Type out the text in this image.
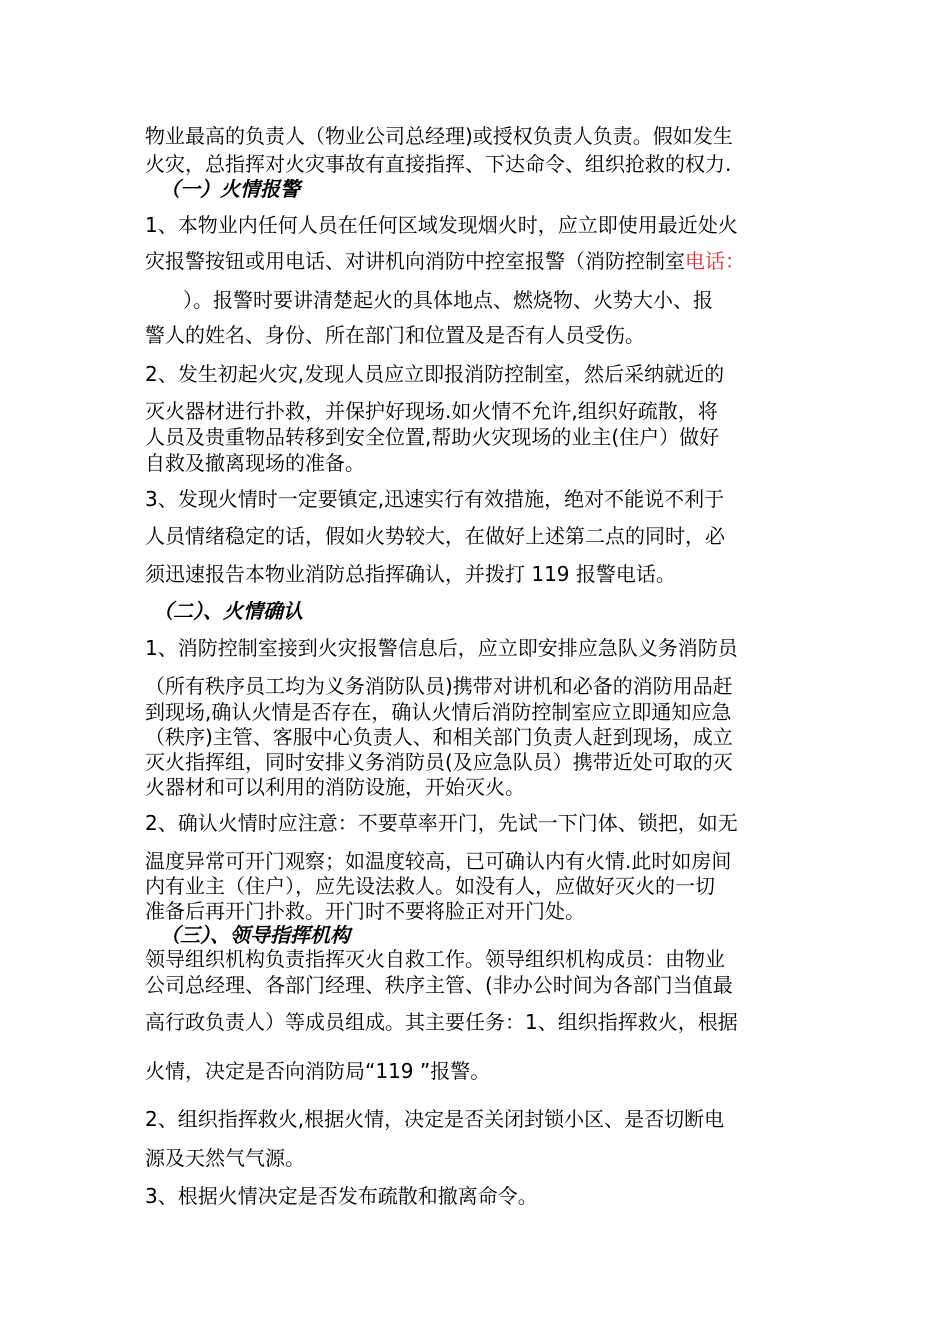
物业最高的负责人（物业公司总经理)或授权负责人负责。假如发生
火灾，总指挥对火灾事故有直接指挥、下达命令、组织抢救的权力.
（一）火情报警
1、本物业内任何人员在任何区域发现烟火时，应立即使用最近处火
灾报警按钮或用电话、对讲机向消防中控室报警（消防控制室电话：
）。报警时要讲清楚起火的具体地点、燃烧物、火势大小、报
警人的姓名、身份、所在部门和位置及是否有人员受伤。
2、发生初起火灾,发现人员应立即报消防控制室，然后采纳就近的
灭火器材进行扑救，并保护好现场.如火情不允许,组织好疏散，将
人员及贵重物品转移到安全位置,帮助火灾现场的业主(住户）做好
自救及撤离现场的准备。
3、发现火情时一定要镇定,迅速实行有效措施，绝对不能说不利于
人员情绪稳定的话，假如火势较大，在做好上述第二点的同时，必
须迅速报告本物业消防总指挥确认，并拨打 119 报警电话。
（二）、火情确认
1、消防控制室接到火灾报警信息后，应立即安排应急队义务消防员
（所有秩序员工均为义务消防队员)携带对讲机和必备的消防用品赶
到现场,确认火情是否存在，确认火情后消防控制室应立即通知应急
（秩序)主管、客服中心负责人、和相关部门负责人赶到现场，成立
灭火指挥组，同时安排义务消防员(及应急队员）携带近处可取的灭
火器材和可以利用的消防设施，开始灭火。
2、确认火情时应注意：不要草率开门，先试一下门体、锁把，如无
温度异常可开门观察；如温度较高，已可确认内有火情.此时如房间
内有业主（住户），应先设法救人。如没有人，应做好灭火的一切
准备后再开门扑救。开门时不要将脸正对开门处。
（三）、领导指挥机构
领导组织机构负责指挥灭火自救工作。领导组织机构成员：由物业
公司总经理、各部门经理、秩序主管、(非办公时间为各部门当值最
高行政负责人）等成员组成。其主要任务：1、组织指挥救火，根据
火情，决定是否向消防局“119 ”报警。
2、组织指挥救火,根据火情，决定是否关闭封锁小区、是否切断电
源及天然气气源。
3、根据火情决定是否发布疏散和撤离命令。
